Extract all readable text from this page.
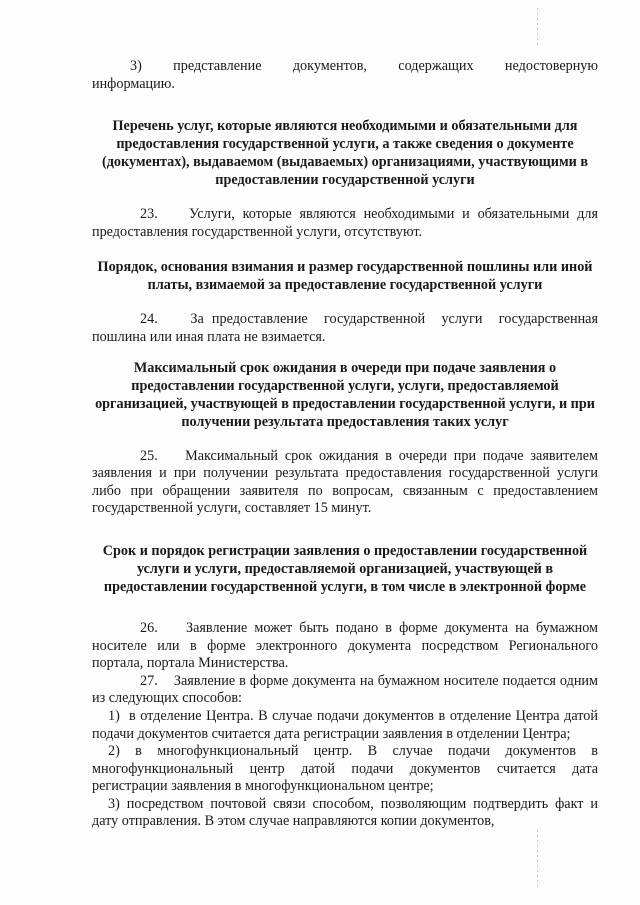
3)    представление    документов,    содержащих    недостоверную информацию.

Перечень услуг, которые являются необходимыми и обязательными для предоставления государственной услуги, а также сведения о документе (документах), выдаваемом (выдаваемых) организациями, участвующими в предоставлении государственной услуги

23.    Услуги, которые являются необходимыми и обязательными для предоставления государственной услуги, отсутствуют.

Порядок, основания взимания и размер государственной пошлины или иной платы, взимаемой за предоставление государственной услуги

24.    За предоставление  государственной  услуги  государственная пошлина или иная плата не взимается.

Максимальный срок ожидания в очереди при подаче заявления о предоставлении государственной услуги, услуги, предоставляемой организацией, участвующей в предоставлении государственной услуги, и при получении результата предоставления таких услуг

25.    Максимальный срок ожидания в очереди при подаче заявителем заявления и при получении результата предоставления государственной услуги либо при обращении заявителя по вопросам, связанным с предоставлением государственной услуги, составляет 15 минут.

Срок и порядок регистрации заявления о предоставлении государственной услуги и услуги, предоставляемой организацией, участвующей в предоставлении государственной услуги, в том числе в электронной форме

26.    Заявление может быть подано в форме документа на бумажном носителе или в форме электронного документа посредством Регионального портала, портала Министерства.

27.    Заявление в форме документа на бумажном носителе подается одним из следующих способов:

1)  в отделение Центра. В случае подачи документов в отделение Центра датой подачи документов считается дата регистрации заявления в отделении Центра;

2) в многофункциональный центр. В случае подачи документов в многофункциональный центр датой подачи документов считается дата регистрации заявления в многофункциональном центре;

3) посредством почтовой связи способом, позволяющим подтвердить факт и дату отправления. В этом случае направляются копии документов,
